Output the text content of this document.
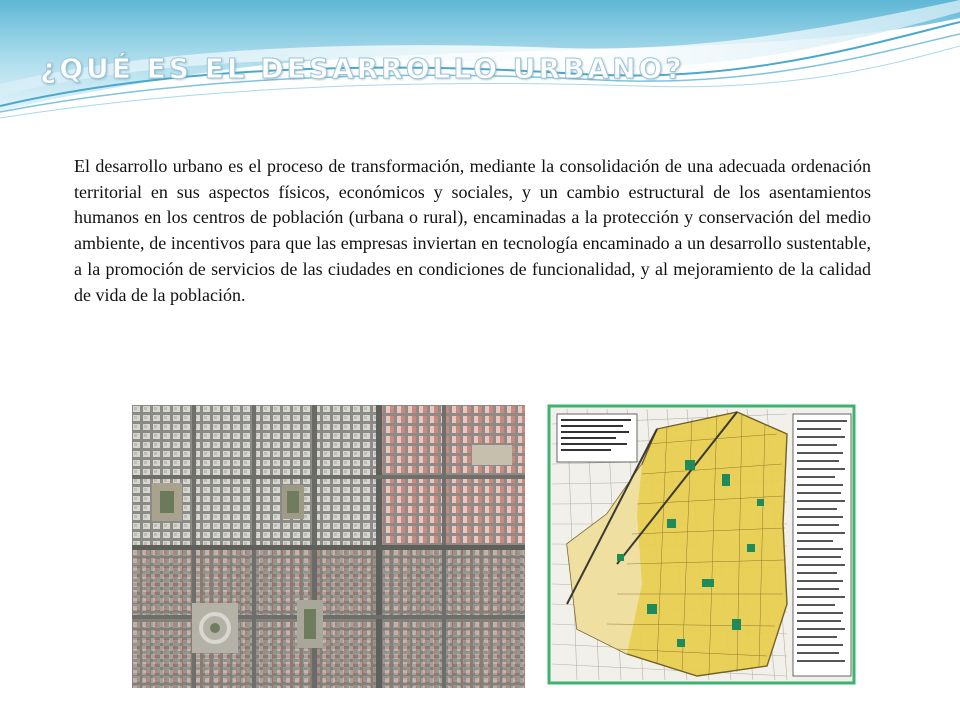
¿QUÉ ES EL DESARROLLO URBANO?

El desarrollo urbano es el proceso de transformación, mediante la consolidación de una adecuada ordenación territorial en sus aspectos físicos, económicos y sociales, y un cambio estructural de los asentamientos humanos en los centros de población (urbana o rural), encaminadas a la protección y conservación del medio ambiente, de incentivos para que las empresas inviertan en tecnología encaminado a un desarrollo sustentable, a la promoción de servicios de las ciudades en condiciones de funcionalidad, y al mejoramiento de la calidad de vida de la población.
